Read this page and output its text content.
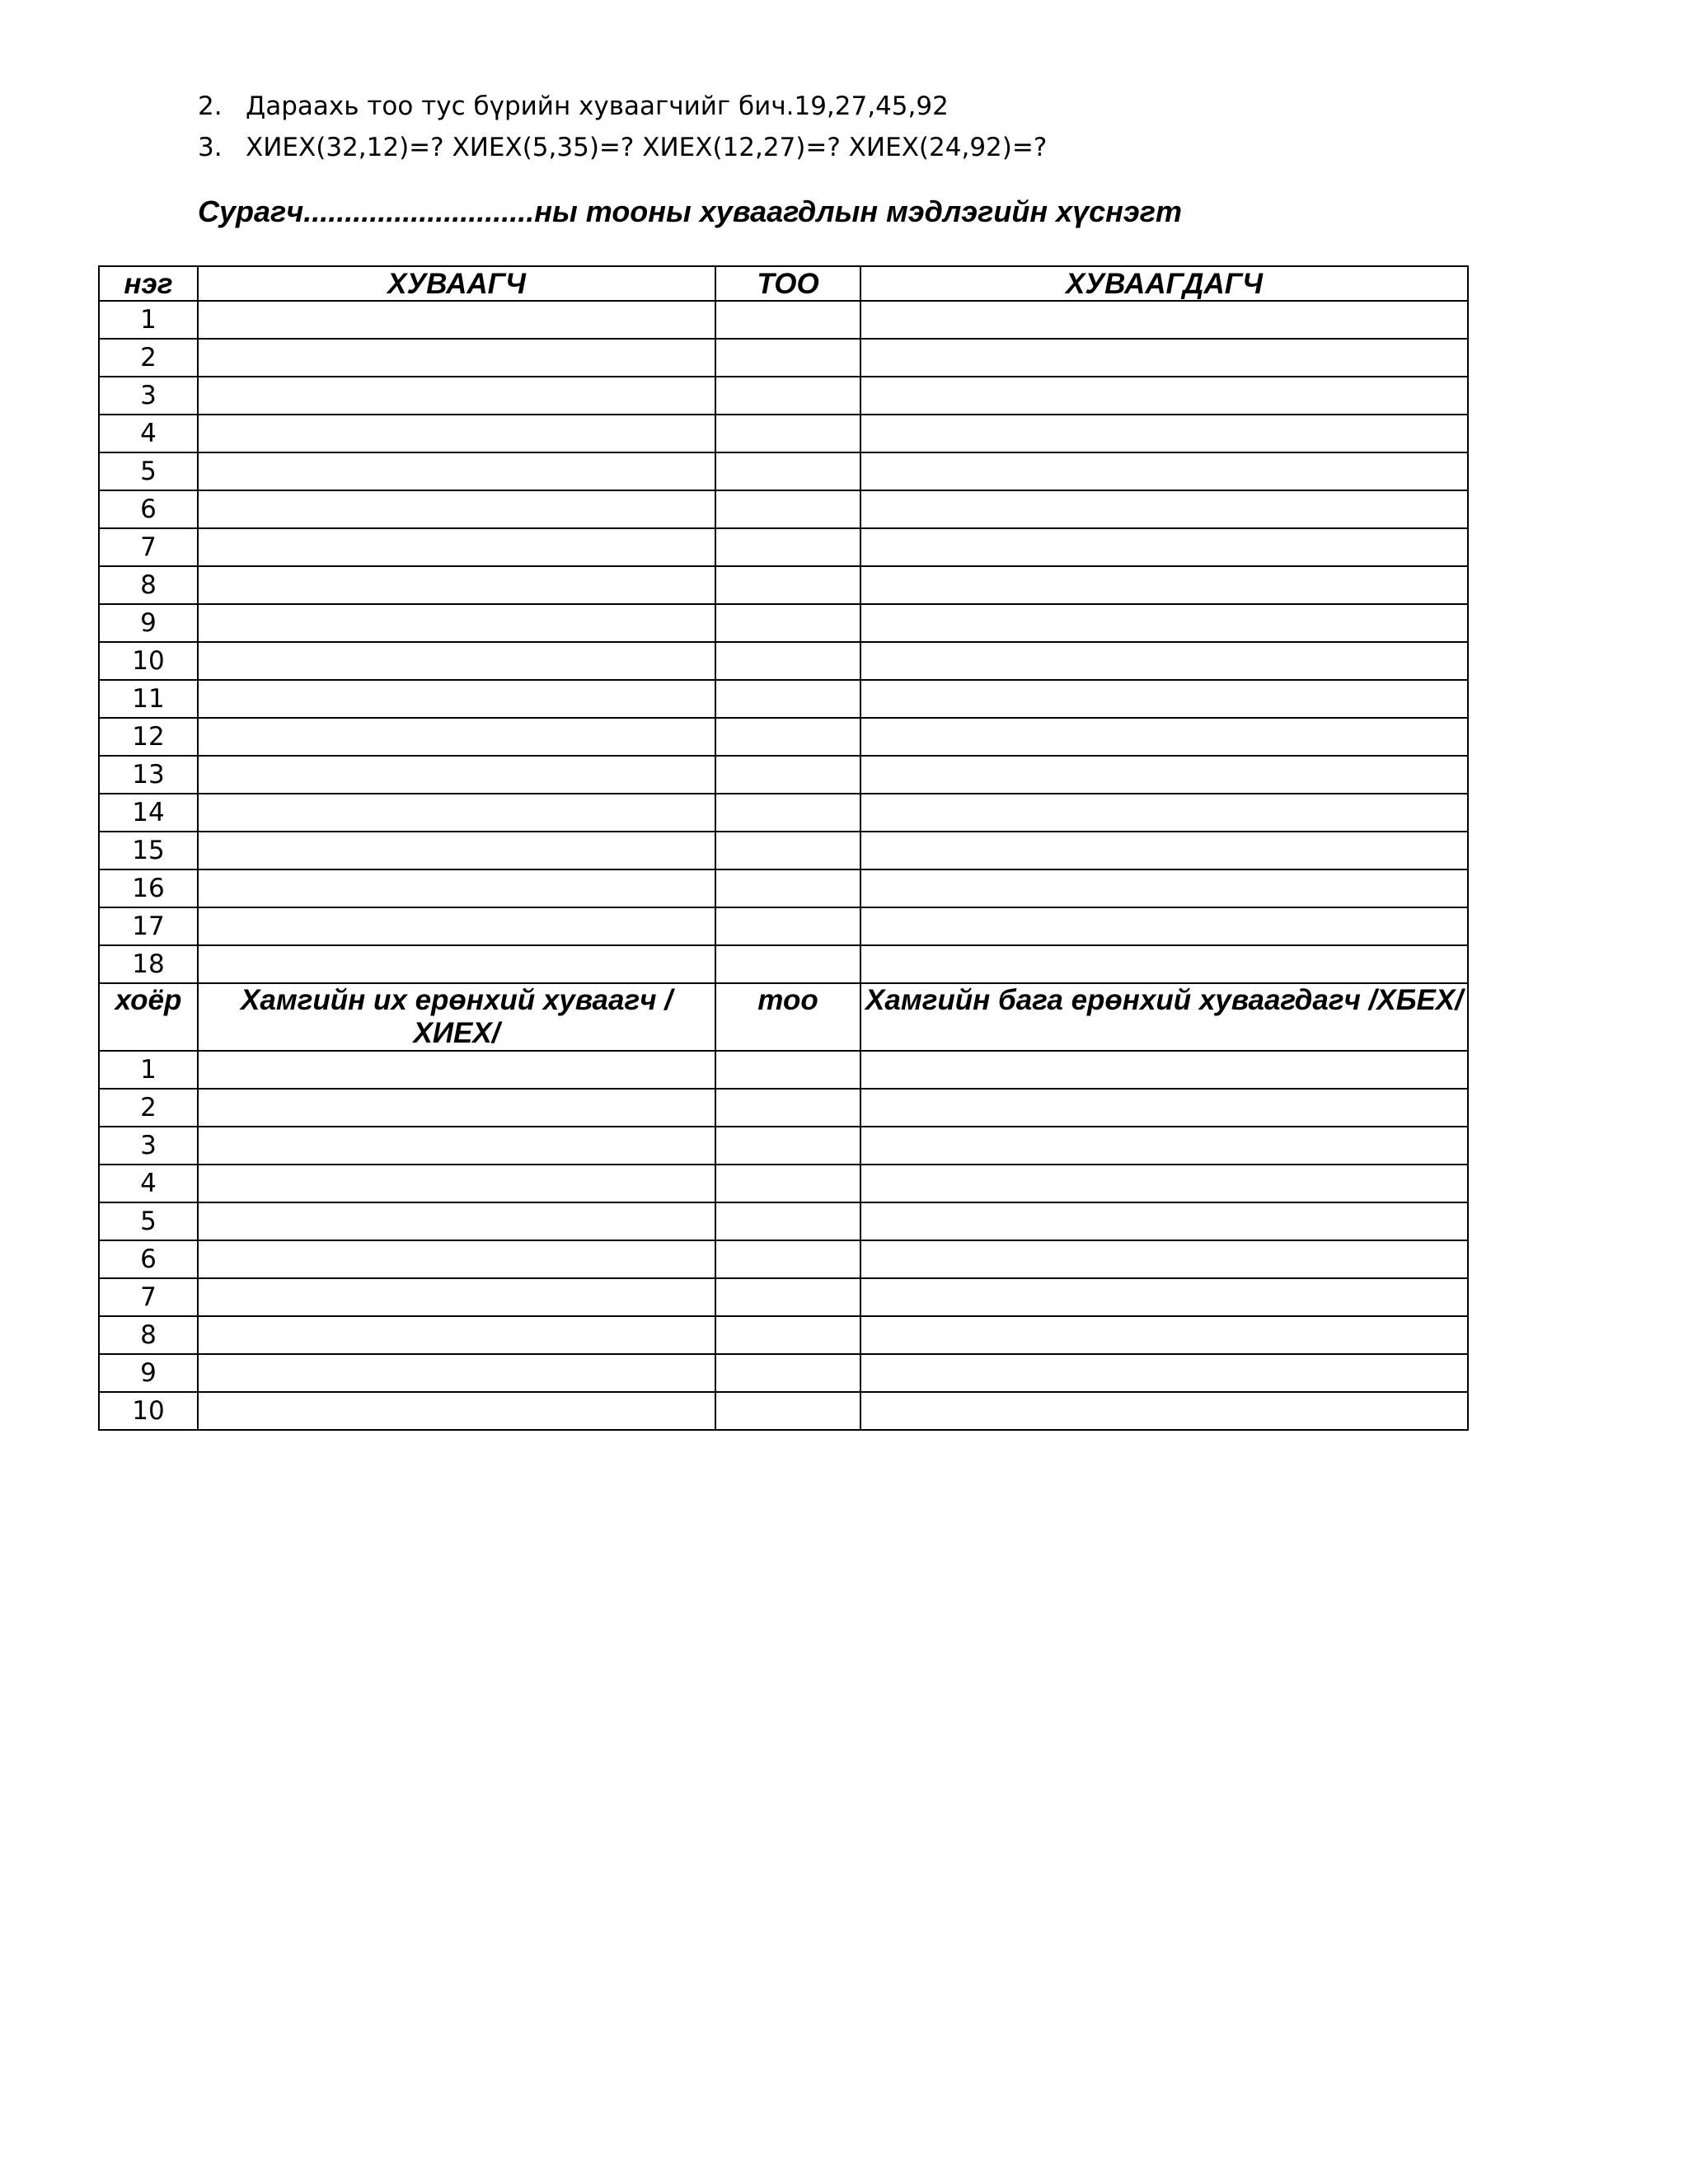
2. Дараахь тоо тус бүрийн хуваагчийг бич.19,27,45,92
3. ХИЕХ(32,12)=? ХИЕХ(5,35)=? ХИЕХ(12,27)=? ХИЕХ(24,92)=?
Сурагч............................ны тооны хуваагдлын мэдлэгийн хүснэгт
нэг	ХУВААГЧ	ТОО	ХУВААГДАГЧ
1			
2			
3			
4			
5			
6			
7			
8			
9			
10			
11			
12			
13			
14			
15			
16			
17			
18			
хоёр	Хамгийн их ерөнхий хуваагч /ХИЕХ/	тоо	Хамгийн бага ерөнхий хуваагдагч /ХБЕХ/
1			
2			
3			
4			
5			
6			
7			
8			
9			
10			
